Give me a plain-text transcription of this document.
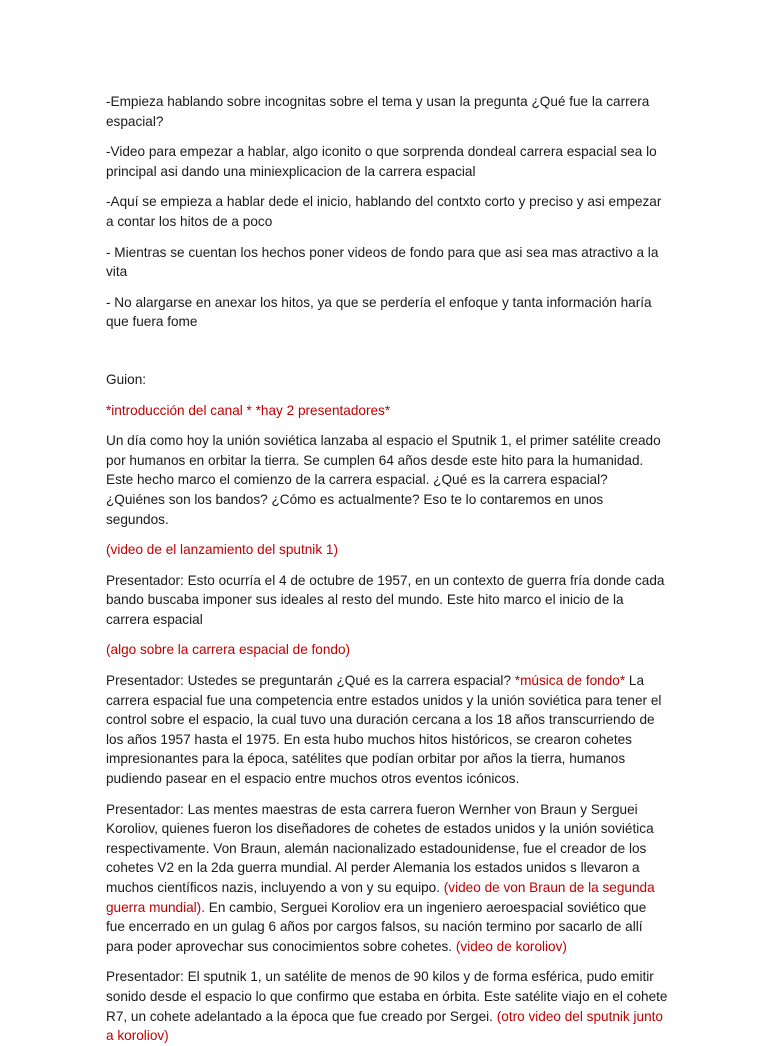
-Empieza hablando sobre incognitas sobre el tema y usan la pregunta ¿Qué fue la carrera espacial?

-Video para empezar a hablar, algo iconito o que sorprenda dondeal carrera espacial sea lo principal asi dando una miniexplicacion de la carrera espacial

-Aquí se empieza a hablar dede el inicio, hablando del contxto corto y preciso y asi empezar a contar los hitos de a poco

- Mientras se cuentan los hechos poner videos de fondo para que asi sea mas atractivo a la vita

- No alargarse en anexar los hitos, ya que se perdería el enfoque y tanta información haría que fuera fome

Guion:

*introducción del canal * *hay 2 presentadores*

Un día como hoy la unión soviética lanzaba al espacio el Sputnik 1, el primer satélite creado por humanos en orbitar la tierra. Se cumplen 64 años desde este hito para la humanidad. Este hecho marco el comienzo de la carrera espacial. ¿Qué es la carrera espacial? ¿Quiénes son los bandos? ¿Cómo es actualmente? Eso te lo contaremos en unos segundos.

(video de el lanzamiento del sputnik 1)

Presentador: Esto ocurría el 4 de octubre de 1957, en un contexto de guerra fría donde cada bando buscaba imponer sus ideales al resto del mundo. Este hito marco el inicio de la carrera espacial

(algo sobre la carrera espacial de fondo)

Presentador: Ustedes se preguntarán ¿Qué es la carrera espacial? *música de fondo* La carrera espacial fue una competencia entre estados unidos y la unión soviética para tener el control sobre el espacio, la cual tuvo una duración cercana a los 18 años transcurriendo de los años 1957 hasta el 1975. En esta hubo muchos hitos históricos, se crearon cohetes impresionantes para la época, satélites que podían orbitar por años la tierra, humanos pudiendo pasear en el espacio entre muchos otros eventos icónicos.

Presentador: Las mentes maestras de esta carrera fueron Wernher von Braun y Serguei Koroliov, quienes fueron los diseñadores de cohetes de estados unidos y la unión soviética respectivamente. Von Braun, alemán nacionalizado estadounidense, fue el creador de los cohetes V2 en la 2da guerra mundial. Al perder Alemania los estados unidos s llevaron a muchos científicos nazis, incluyendo a von y su equipo. (video de von Braun de la segunda guerra mundial). En cambio, Serguei Koroliov era un ingeniero aeroespacial soviético que fue encerrado en un gulag 6 años por cargos falsos, su nación termino por sacarlo de allí para poder aprovechar sus conocimientos sobre cohetes. (video de koroliov)

Presentador: El sputnik 1, un satélite de menos de 90 kilos y de forma esférica, pudo emitir sonido desde el espacio lo que confirmo que estaba en órbita. Este satélite viajo en el cohete R7, un cohete adelantado a la época que fue creado por Sergei. (otro video del sputnik junto a koroliov)
